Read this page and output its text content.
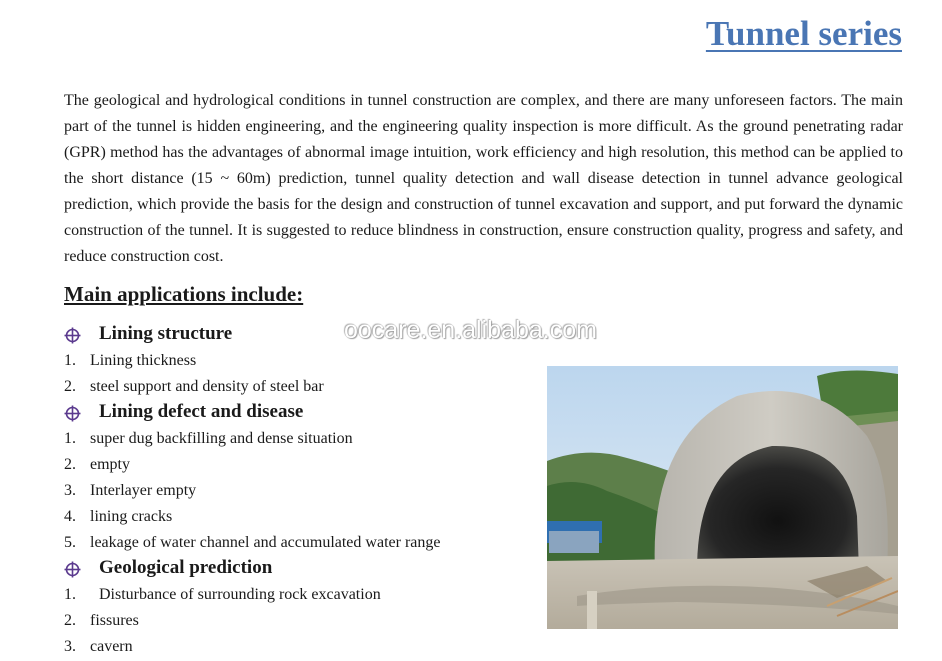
Tunnel series

The geological and hydrological conditions in tunnel construction are complex, and there are many unforeseen factors. The main part of the tunnel is hidden engineering, and the engineering quality inspection is more difficult. As the ground penetrating radar (GPR) method has the advantages of abnormal image intuition, work efficiency and high resolution, this method can be applied to the short distance (15 ~ 60m) prediction, tunnel quality detection and wall disease detection in tunnel advance geological prediction, which provide the basis for the design and construction of tunnel excavation and support, and put forward the dynamic construction of the tunnel. It is suggested to reduce blindness in construction, ensure construction quality, progress and safety, and reduce construction cost.

Main applications include:
oocare.en.alibaba.com
Lining structure
1. Lining thickness
2. steel support and density of steel bar
Lining defect and disease
1. super dug backfilling and dense situation
2. empty
3. Interlayer empty
4. lining cracks
5. leakage of water channel and accumulated water range
Geological prediction
1. Disturbance of surrounding rock excavation
2. fissures
3. cavern
